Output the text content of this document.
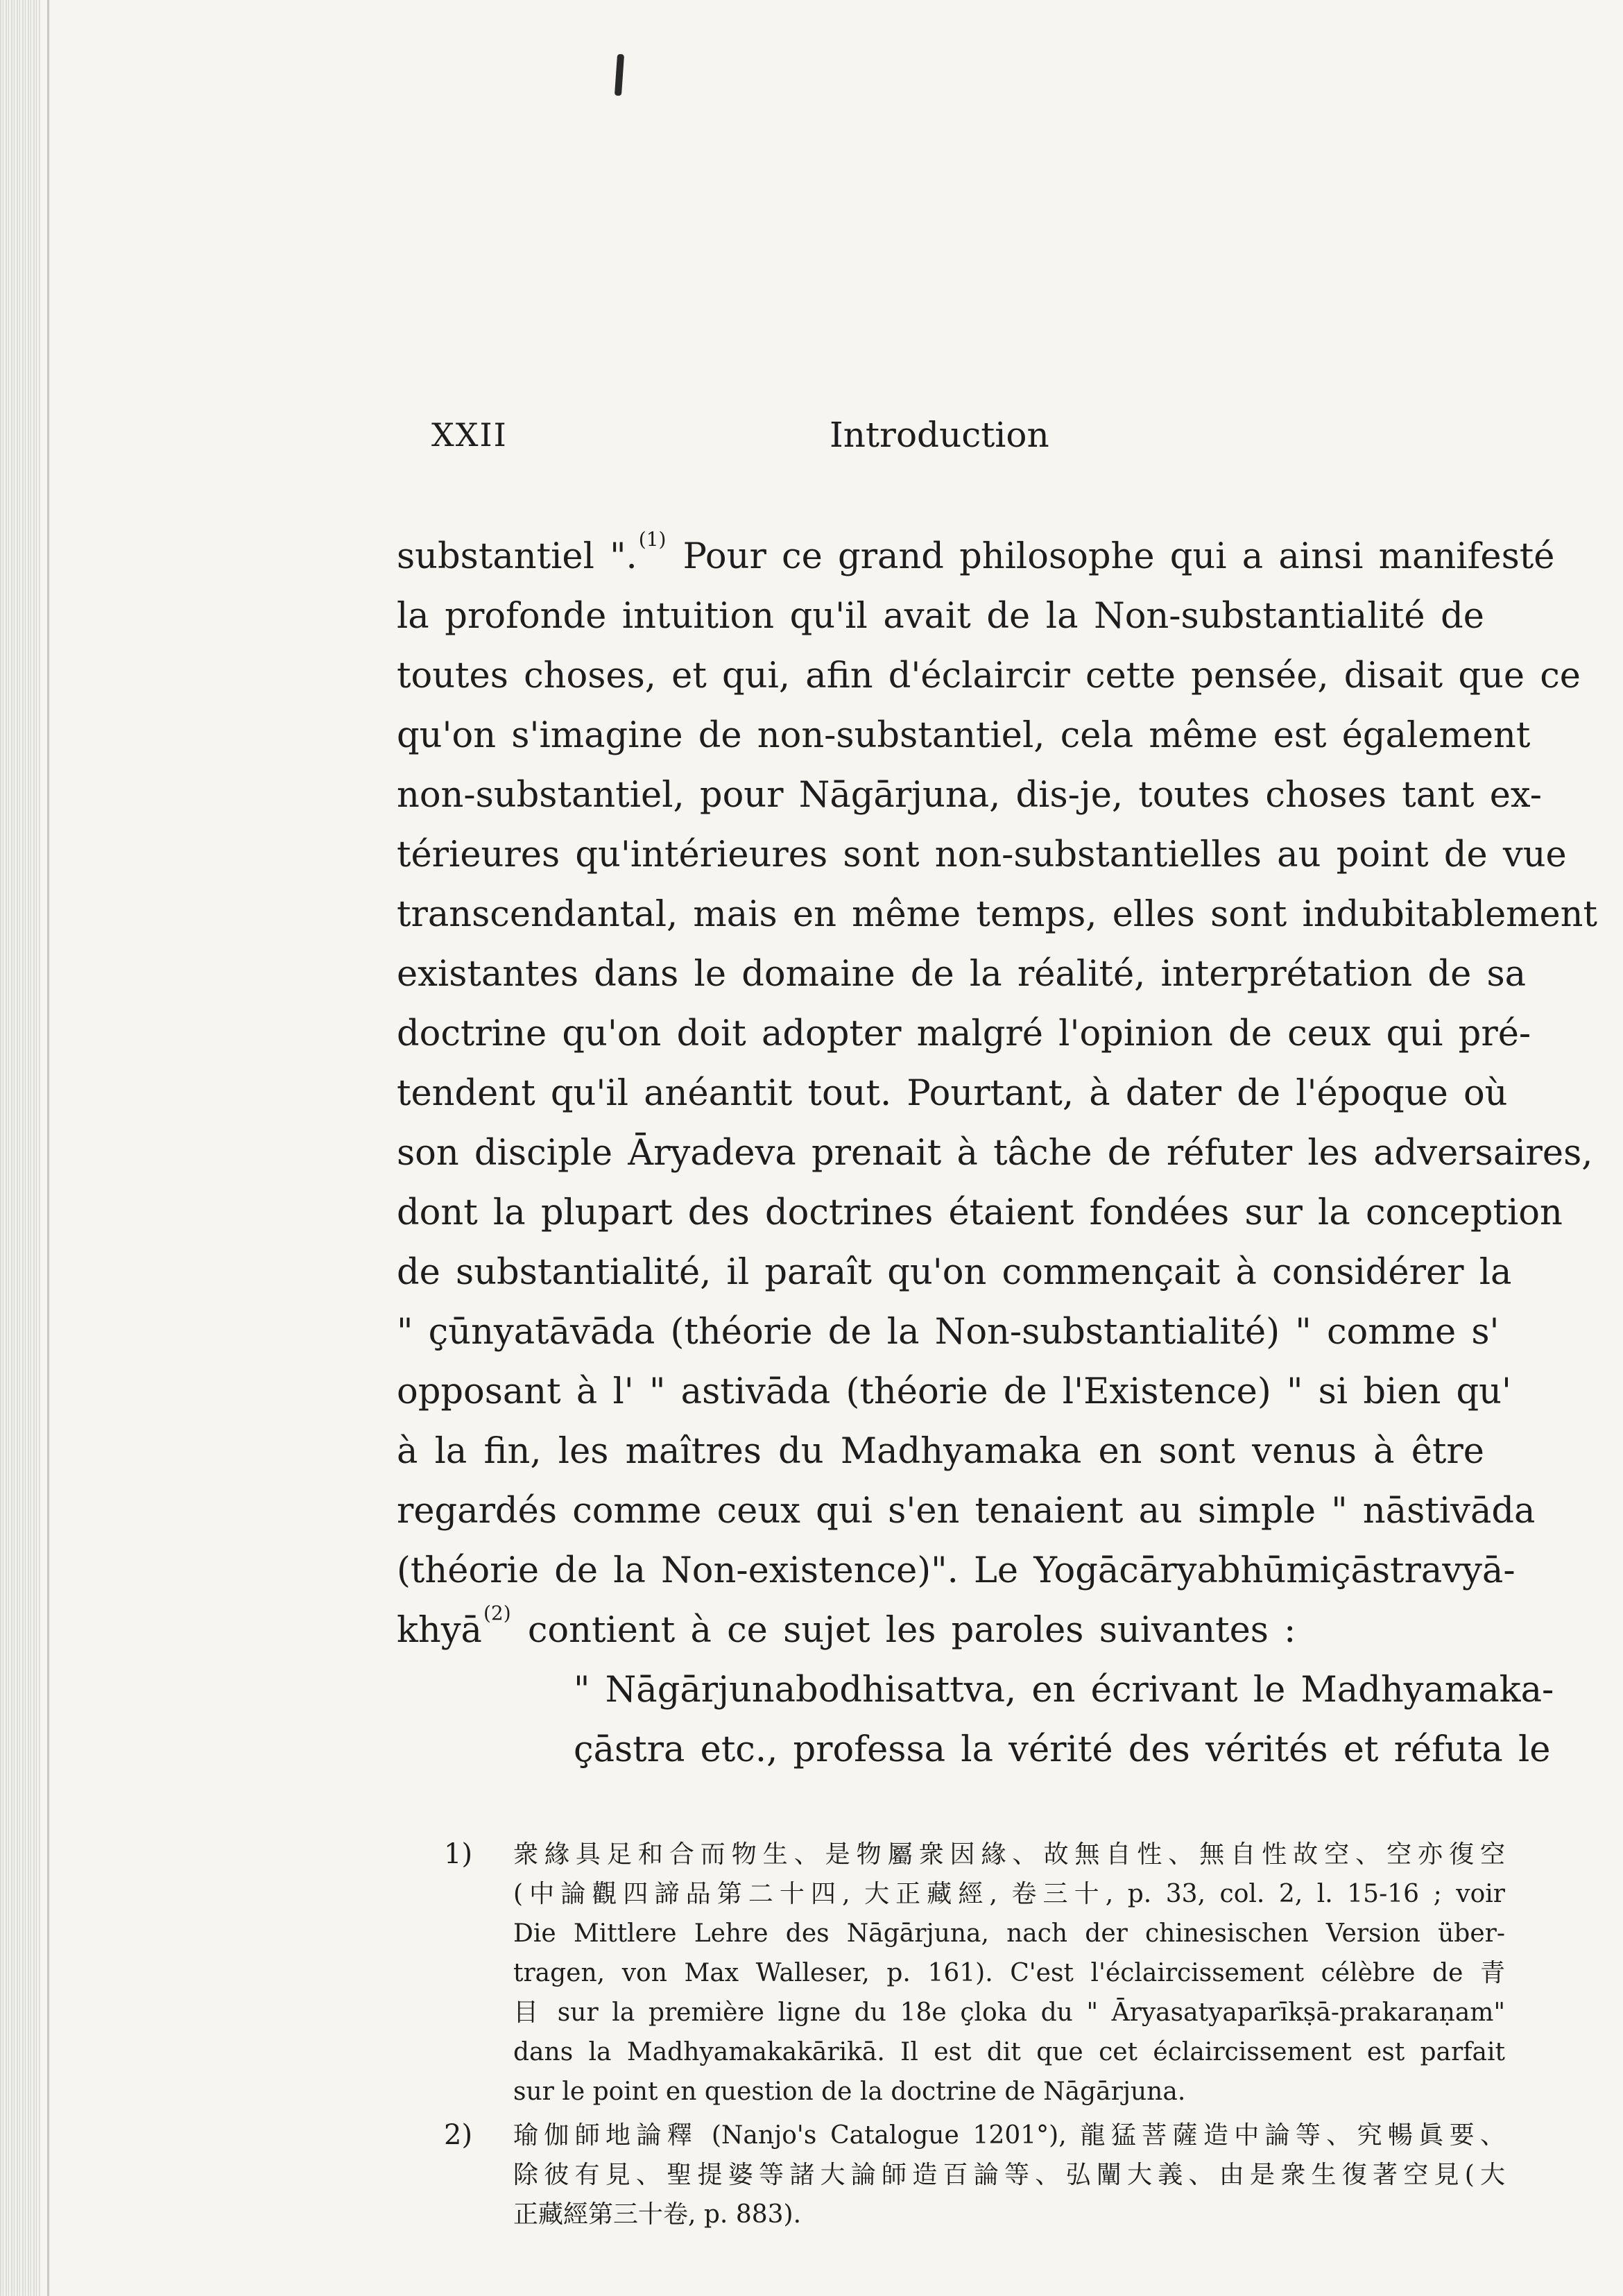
XXII	Introduction
substantiel ".$^{(1)}$ Pour ce grand philosophe qui a ainsi manifesté
la profonde intuition qu'il avait de la Non-substantialité de
toutes choses, et qui, afin d'éclaircir cette pensée, disait que ce
qu'on s'imagine de non-substantiel, cela même est également
non-substantiel, pour Nāgārjuna, dis-je, toutes choses tant ex-
térieures qu'intérieures sont non-substantielles au point de vue
transcendantal, mais en même temps, elles sont indubitablement
existantes dans le domaine de la réalité, interprétation de sa
doctrine qu'on doit adopter malgré l'opinion de ceux qui pré-
tendent qu'il anéantit tout. Pourtant, à dater de l'époque où
son disciple Āryadeva prenait à tâche de réfuter les adversaires,
dont la plupart des doctrines étaient fondées sur la conception
de substantialité, il paraît qu'on commençait à considérer la
" çūnyatāvāda (théorie de la Non-substantialité) " comme s'
opposant à l' " astivāda (théorie de l'Existence) " si bien qu'
à la fin, les maîtres du Madhyamaka en sont venus à être
regardés comme ceux qui s'en tenaient au simple " nāstivāda
(théorie de la Non-existence)". Le Yogācāryabhūmiçāstravyā-
khyā$^{(2)}$ contient à ce sujet les paroles suivantes :
" Nāgārjunabodhisattva, en écrivant le Madhyamaka-
çāstra etc., professa la vérité des vérités et réfuta le
1)	衆緣具足和合而物生、是物屬衆因緣、故無自性、無自性故空、空亦復空
(中論觀四諦品第二十四, 大正藏經, 卷三十, p. 33, col. 2, l. 15-16 ; voir
Die Mittlere Lehre des Nāgārjuna, nach der chinesischen Version über-
tragen, von Max Walleser, p. 161). C'est l'éclaircissement célèbre de 青
目 sur la première ligne du 18e çloka du " Āryasatyaparīkṣā-prakaraṇam"
dans la Madhyamakakārikā. Il est dit que cet éclaircissement est parfait
sur le point en question de la doctrine de Nāgārjuna.
2)	瑜伽師地論釋 (Nanjo's Catalogue 1201°), 龍猛菩薩造中論等、究暢眞要、
除彼有見、聖提婆等諸大論師造百論等、弘闡大義、由是衆生復著空見(大
正藏經第三十卷, p. 883).
